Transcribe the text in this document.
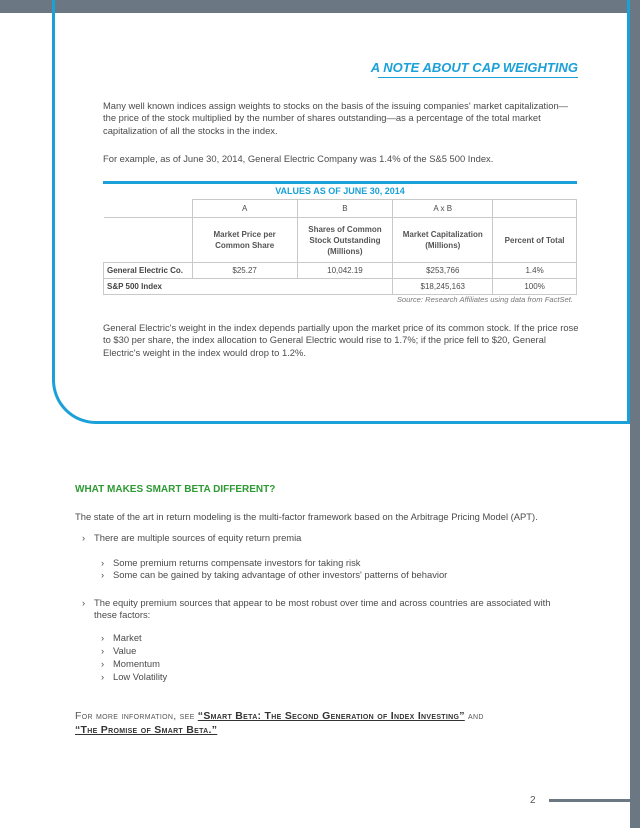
A NOTE ABOUT CAP WEIGHTING
Many well known indices assign weights to stocks on the basis of the issuing companies' market capitalization—the price of the stock multiplied by the number of shares outstanding—as a percentage of the total market capitalization of all the stocks in the index.
For example, as of June 30, 2014, General Electric Company was 1.4% of the S&5 500 Index.
VALUES AS OF JUNE 30, 2014
	A	B	A x B	
	Market Price per Common Share	Shares of Common Stock Outstanding (Millions)	Market Capitalization (Millions)	Percent of Total
General Electric Co.	$25.27	10,042.19	$253,766	1.4%
S&P 500 Index			$18,245,163	100%
Source: Research Affiliates using data from FactSet.
General Electric's weight in the index depends partially upon the market price of its common stock. If the price rose to $30 per share, the index allocation to General Electric would rise to 1.7%; if the price fell to $20, General Electric's weight in the index would drop to 1.2%.
WHAT MAKES SMART BETA DIFFERENT?
The state of the art in return modeling is the multi-factor framework based on the Arbitrage Pricing Model (APT).
› There are multiple sources of equity return premia
› Some premium returns compensate investors for taking risk
› Some can be gained by taking advantage of other investors' patterns of behavior
› The equity premium sources that appear to be most robust over time and across countries are associated with these factors:
› Market
› Value
› Momentum
› Low Volatility
For more information, see “Smart Beta: The Second Generation of Index Investing” and
“The Promise of Smart Beta.”
2
